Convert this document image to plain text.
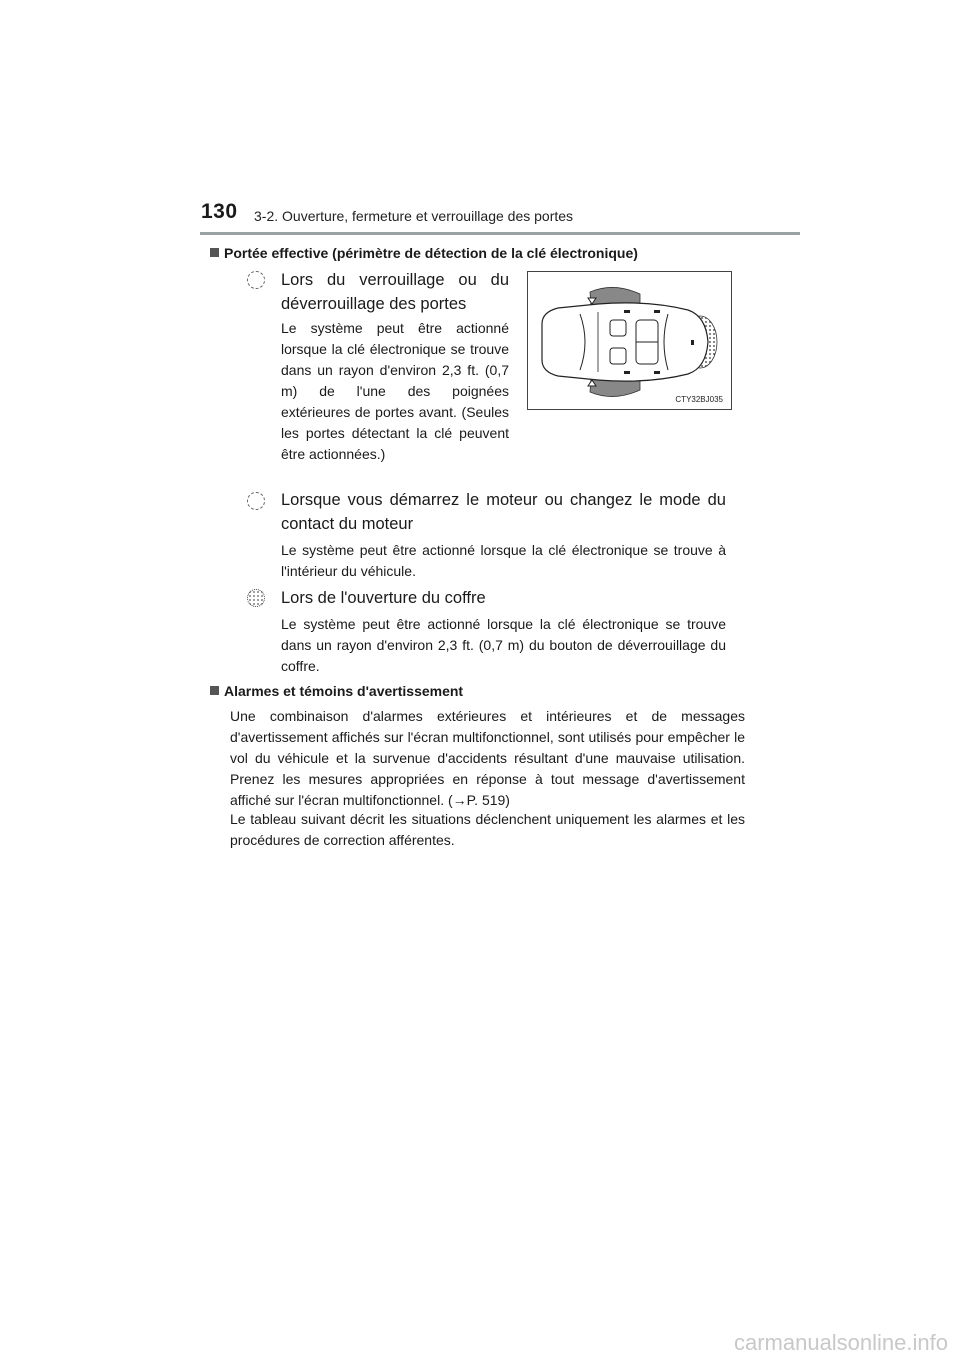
130 3-2. Ouverture, fermeture et verrouillage des portes
Portée effective (périmètre de détection de la clé électronique)
Lors du verrouillage ou du déverrouillage des portes
Le système peut être actionné lorsque la clé électronique se trouve dans un rayon d'environ 2,3 ft. (0,7 m) de l'une des poignées extérieures de portes avant. (Seules les portes détectant la clé peuvent être actionnées.)
CTY32BJ035
Lorsque vous démarrez le moteur ou changez le mode du contact du moteur
Le système peut être actionné lorsque la clé électronique se trouve à l'intérieur du véhicule.
Lors de l'ouverture du coffre
Le système peut être actionné lorsque la clé électronique se trouve dans un rayon d'environ 2,3 ft. (0,7 m) du bouton de déverrouillage du coffre.
Alarmes et témoins d'avertissement
Une combinaison d'alarmes extérieures et intérieures et de messages d'avertissement affichés sur l'écran multifonctionnel, sont utilisés pour empêcher le vol du véhicule et la survenue d'accidents résultant d'une mauvaise utilisation. Prenez les mesures appropriées en réponse à tout message d'avertissement affiché sur l'écran multifonctionnel. (→P. 519)
Le tableau suivant décrit les situations déclenchent uniquement les alarmes et les procédures de correction afférentes.
carmanualsonline.info
